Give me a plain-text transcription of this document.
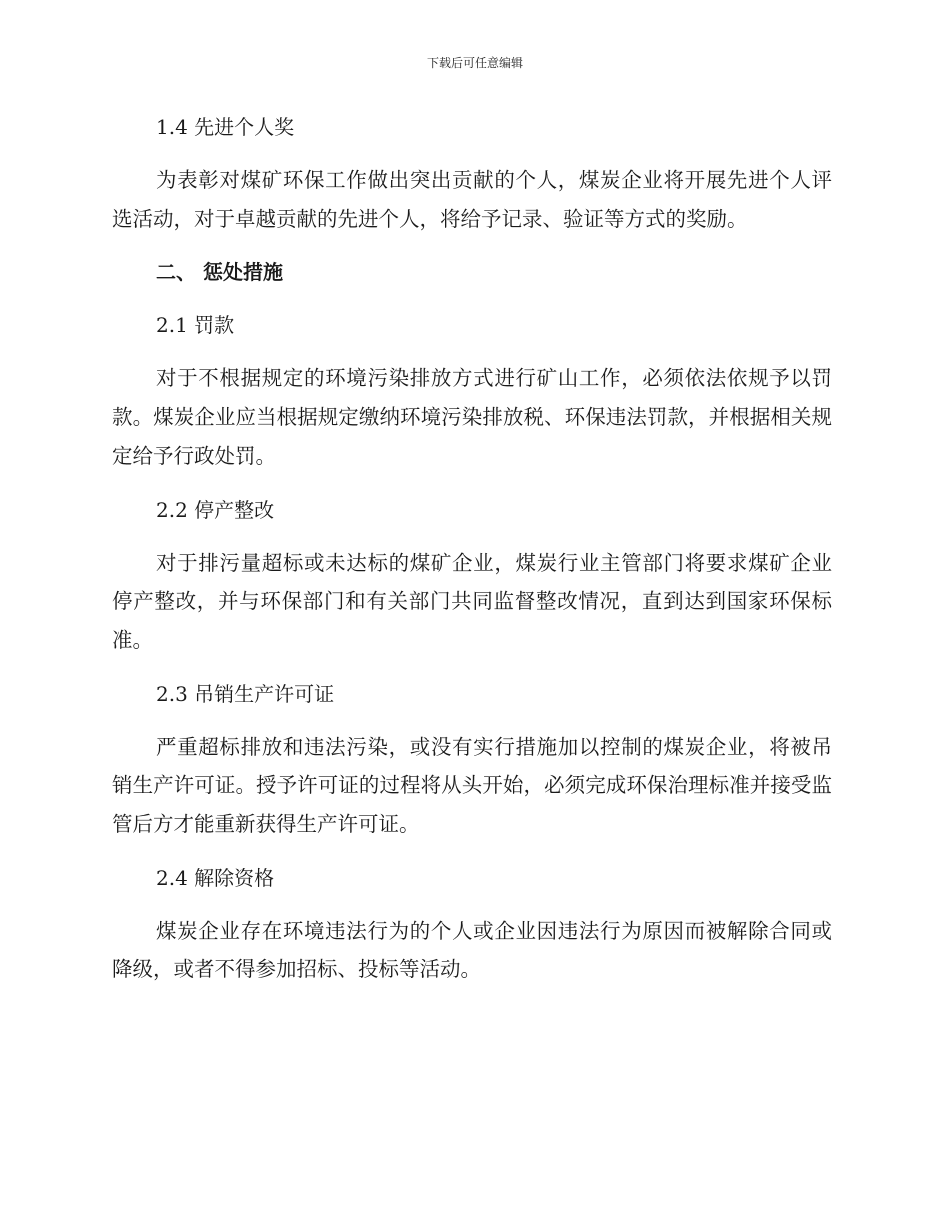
下载后可任意编辑
1.4 先进个人奖

为表彰对煤矿环保工作做出突出贡献的个人，煤炭企业将开展先进个人评选活动，对于卓越贡献的先进个人，将给予记录、验证等方式的奖励。

二、 惩处措施
2.1 罚款

对于不根据规定的环境污染排放方式进行矿山工作，必须依法依规予以罚款。煤炭企业应当根据规定缴纳环境污染排放税、环保违法罚款，并根据相关规定给予行政处罚。

2.2 停产整改

对于排污量超标或未达标的煤矿企业，煤炭行业主管部门将要求煤矿企业停产整改，并与环保部门和有关部门共同监督整改情况，直到达到国家环保标准。

2.3 吊销生产许可证

严重超标排放和违法污染，或没有实行措施加以控制的煤炭企业，将被吊销生产许可证。授予许可证的过程将从头开始，必须完成环保治理标准并接受监管后方才能重新获得生产许可证。

2.4 解除资格

煤炭企业存在环境违法行为的个人或企业因违法行为原因而被解除合同或降级，或者不得参加招标、投标等活动。
